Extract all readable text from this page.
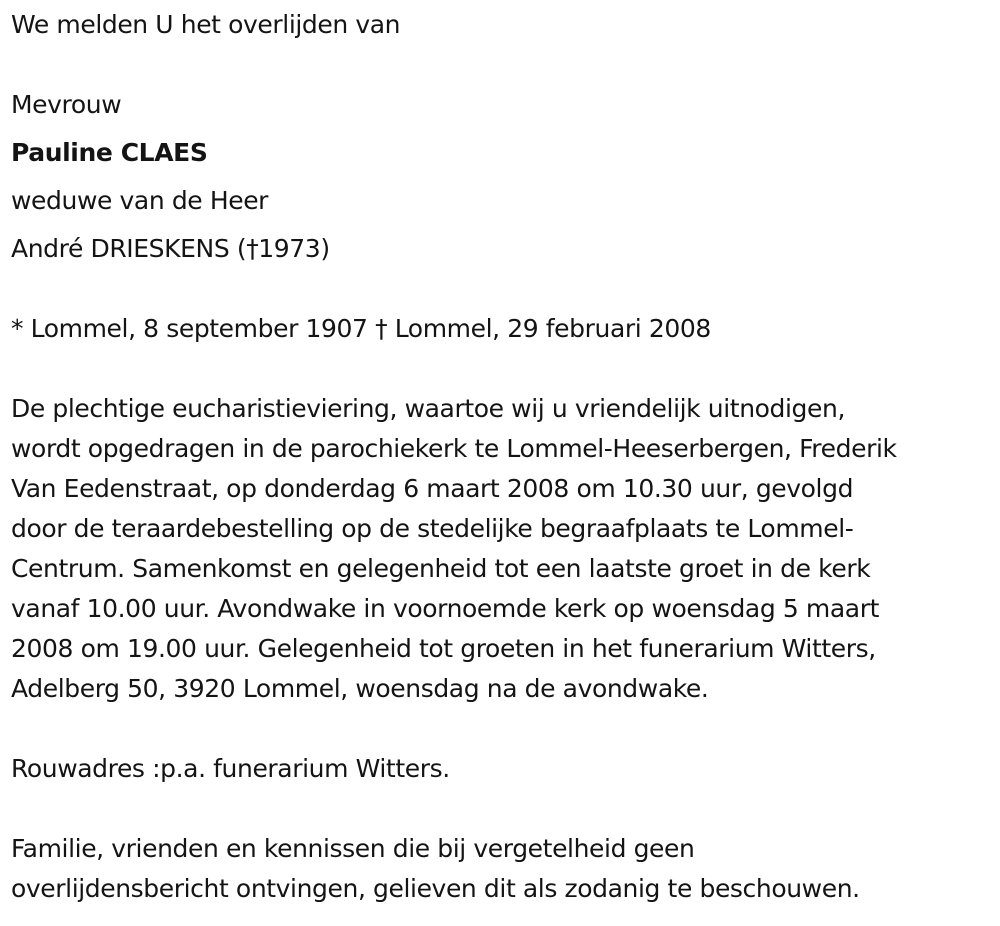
We melden U het overlijden van
Mevrouw
Pauline CLAES
weduwe van de Heer
André DRIESKENS (†1973)
* Lommel, 8 september 1907 † Lommel, 29 februari 2008
De plechtige eucharistieviering, waartoe wij u vriendelijk uitnodigen,
wordt opgedragen in de parochiekerk te Lommel-Heeserbergen, Frederik
Van Eedenstraat, op donderdag 6 maart 2008 om 10.30 uur, gevolgd
door de teraardebestelling op de stedelijke begraafplaats te Lommel-
Centrum. Samenkomst en gelegenheid tot een laatste groet in de kerk
vanaf 10.00 uur. Avondwake in voornoemde kerk op woensdag 5 maart
2008 om 19.00 uur. Gelegenheid tot groeten in het funerarium Witters,
Adelberg 50, 3920 Lommel, woensdag na de avondwake.
Rouwadres :p.a. funerarium Witters.
Familie, vrienden en kennissen die bij vergetelheid geen
overlijdensbericht ontvingen, gelieven dit als zodanig te beschouwen.
